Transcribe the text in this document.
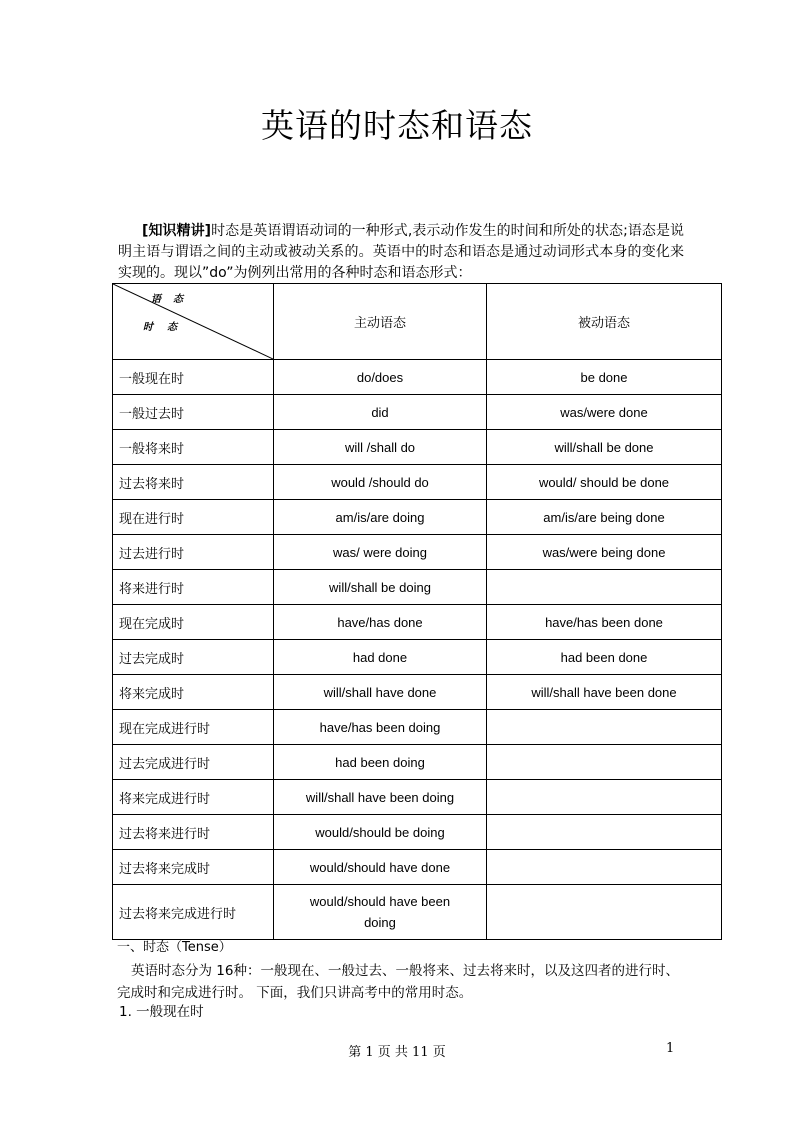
英语的时态和语态
[知识精讲]时态是英语谓语动词的一种形式,表示动作发生的时间和所处的状态;语态是说明主语与谓语之间的主动或被动关系的。英语中的时态和语态是通过动词形式本身的变化来实现的。现以”do”为例列出常用的各种时态和语态形式：
语态
时态	主动语态	被动语态
一般现在时	do/does	be done
一般过去时	did	was/were done
一般将来时	will /shall do	will/shall be done
过去将来时	would /should do	would/ should be done
现在进行时	am/is/are doing	am/is/are being done
过去进行时	was/ were doing	was/were being done
将来进行时	will/shall be doing	
现在完成时	have/has done	have/has been done
过去完成时	had done	had been done
将来完成时	will/shall have done	will/shall have been done
现在完成进行时	have/has been doing	
过去完成进行时	had been doing	
将来完成进行时	will/shall have been doing	
过去将来进行时	would/should be doing	
过去将来完成时	would/should have done	
过去将来完成进行时	would/should have been
doing	
一、时态（Tense）
英语时态分为 16种：一般现在、一般过去、一般将来、过去将来时，以及这四者的进行时、完成时和完成进行时。 下面，我们只讲高考中的常用时态。
1. 一般现在时
第 1 页 共 11 页	1
